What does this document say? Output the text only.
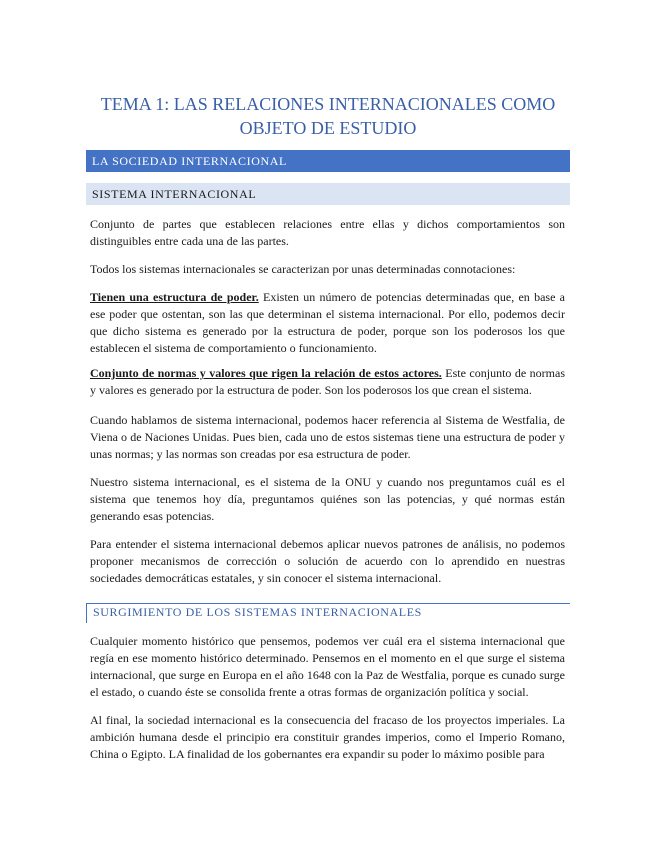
TEMA 1: LAS RELACIONES INTERNACIONALES COMO OBJETO DE ESTUDIO
LA SOCIEDAD INTERNACIONAL
SISTEMA INTERNACIONAL
Conjunto de partes que establecen relaciones entre ellas y dichos comportamientos son distinguibles entre cada una de las partes.
Todos los sistemas internacionales se caracterizan por unas determinadas connotaciones:
Tienen una estructura de poder. Existen un número de potencias determinadas que, en base a ese poder que ostentan, son las que determinan el sistema internacional. Por ello, podemos decir que dicho sistema es generado por la estructura de poder, porque son los poderosos los que establecen el sistema de comportamiento o funcionamiento.
Conjunto de normas y valores que rigen la relación de estos actores. Este conjunto de normas y valores es generado por la estructura de poder. Son los poderosos los que crean el sistema.
Cuando hablamos de sistema internacional, podemos hacer referencia al Sistema de Westfalia, de Viena o de Naciones Unidas. Pues bien, cada uno de estos sistemas tiene una estructura de poder y unas normas; y las normas son creadas por esa estructura de poder.
Nuestro sistema internacional, es el sistema de la ONU y cuando nos preguntamos cuál es el sistema que tenemos hoy día, preguntamos quiénes son las potencias, y qué normas están generando esas potencias.
Para entender el sistema internacional debemos aplicar nuevos patrones de análisis, no podemos proponer mecanismos de corrección o solución de acuerdo con lo aprendido en nuestras sociedades democráticas estatales, y sin conocer el sistema internacional.
SURGIMIENTO DE LOS SISTEMAS INTERNACIONALES
Cualquier momento histórico que pensemos, podemos ver cuál era el sistema internacional que regía en ese momento histórico determinado. Pensemos en el momento en el que surge el sistema internacional, que surge en Europa en el año 1648 con la Paz de Westfalia, porque es cunado surge el estado, o cuando éste se consolida frente a otras formas de organización política y social.
Al final, la sociedad internacional es la consecuencia del fracaso de los proyectos imperiales. La ambición humana desde el principio era constituir grandes imperios, como el Imperio Romano, China o Egipto. LA finalidad de los gobernantes era expandir su poder lo máximo posible para
